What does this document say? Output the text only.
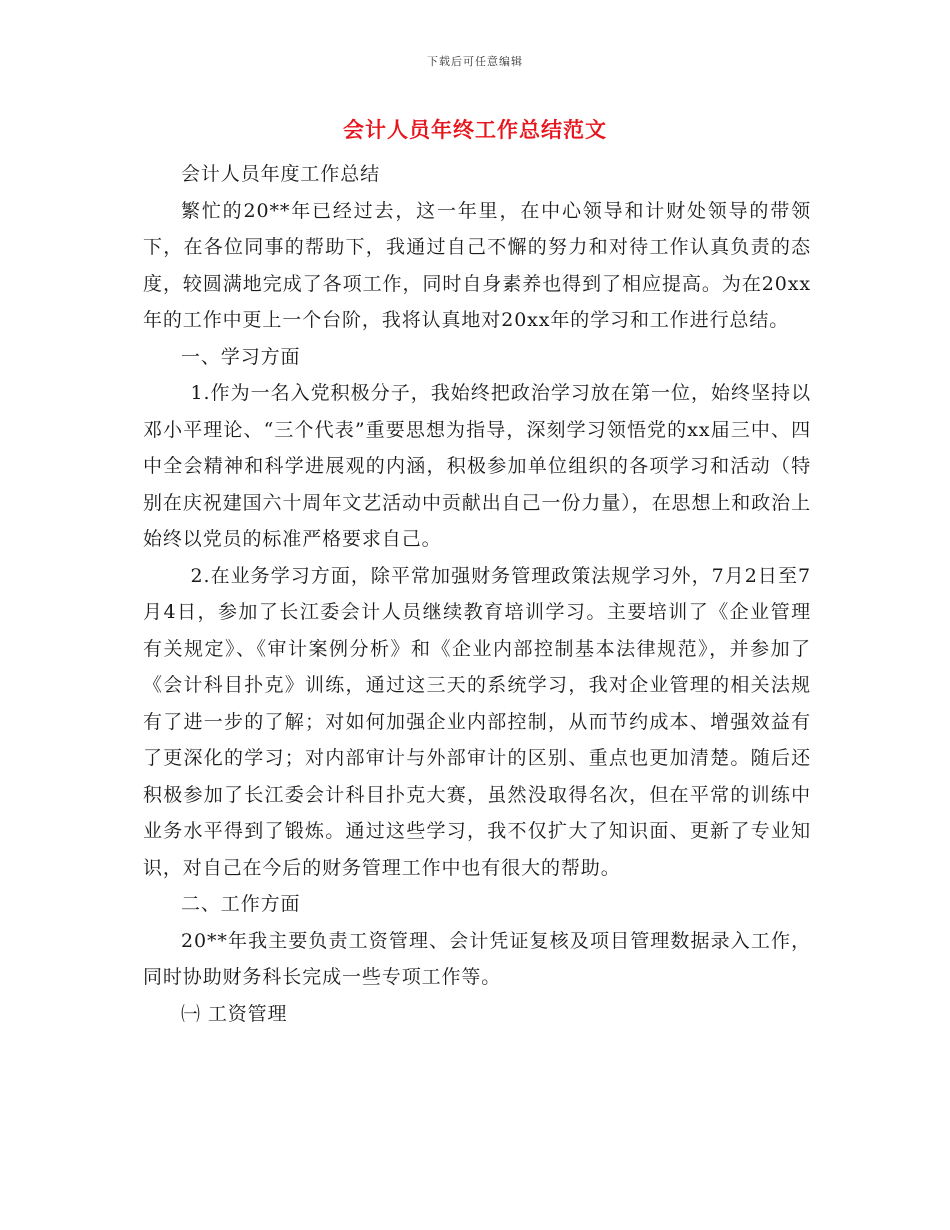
下载后可任意编辑
会计人员年终工作总结范文

会计人员年度工作总结

繁忙的20**年已经过去，这一年里，在中心领导和计财处领导的带领下，在各位同事的帮助下，我通过自己不懈的努力和对待工作认真负责的态度，较圆满地完成了各项工作，同时自身素养也得到了相应提高。为在20xx年的工作中更上一个台阶，我将认真地对20xx年的学习和工作进行总结。

一、学习方面

1.作为一名入党积极分子，我始终把政治学习放在第一位，始终坚持以邓小平理论、“三个代表”重要思想为指导，深刻学习领悟党的xx届三中、四中全会精神和科学进展观的内涵，积极参加单位组织的各项学习和活动（特别在庆祝建国六十周年文艺活动中贡献出自己一份力量），在思想上和政治上始终以党员的标准严格要求自己。

2.在业务学习方面，除平常加强财务管理政策法规学习外，7月2日至7月4日，参加了长江委会计人员继续教育培训学习。主要培训了《企业管理有关规定》、《审计案例分析》和《企业内部控制基本法律规范》，并参加了《会计科目扑克》训练，通过这三天的系统学习，我对企业管理的相关法规有了进一步的了解；对如何加强企业内部控制，从而节约成本、增强效益有了更深化的学习；对内部审计与外部审计的区别、重点也更加清楚。随后还积极参加了长江委会计科目扑克大赛，虽然没取得名次，但在平常的训练中业务水平得到了锻炼。通过这些学习，我不仅扩大了知识面、更新了专业知识，对自己在今后的财务管理工作中也有很大的帮助。

二、工作方面

20**年我主要负责工资管理、会计凭证复核及项目管理数据录入工作，同时协助财务科长完成一些专项工作等。

㈠ 工资管理
